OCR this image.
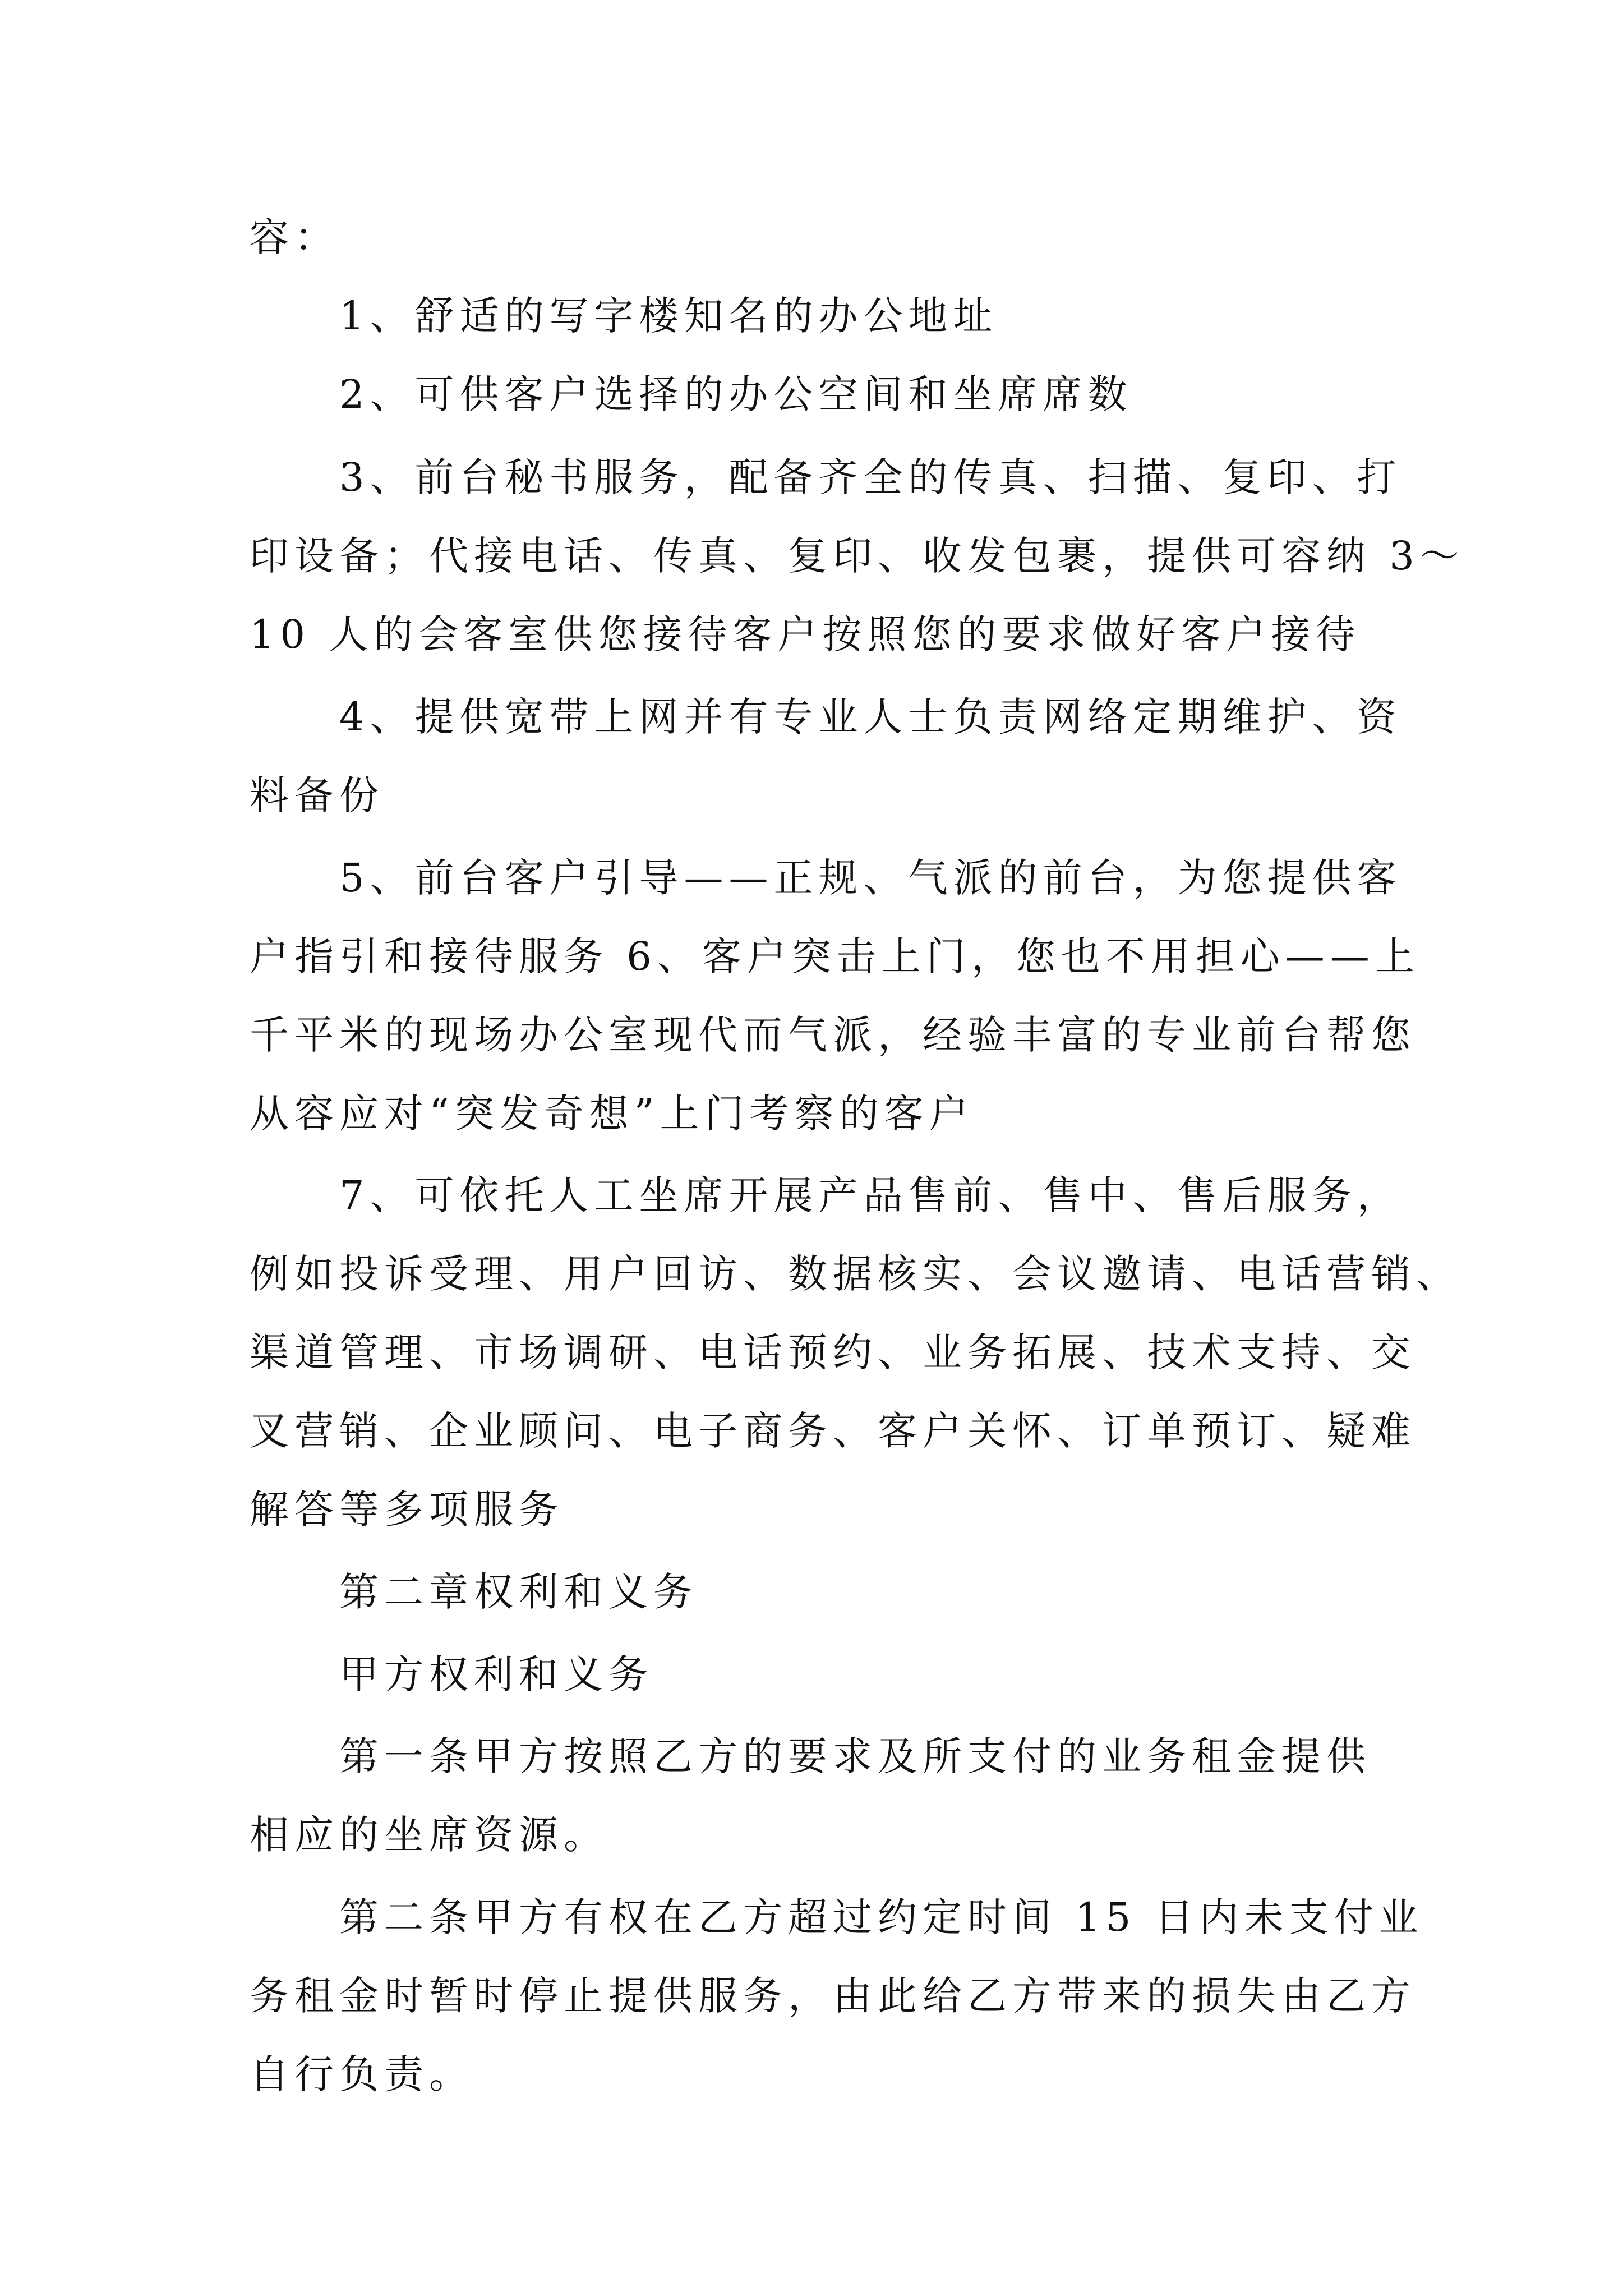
容：

1、舒适的写字楼知名的办公地址

2、可供客户选择的办公空间和坐席席数

3、前台秘书服务，配备齐全的传真、扫描、复印、打

印设备；代接电话、传真、复印、收发包裹，提供可容纳 3～

10 人的会客室供您接待客户按照您的要求做好客户接待

4、提供宽带上网并有专业人士负责网络定期维护、资

料备份

5、前台客户引导——正规、气派的前台，为您提供客

户指引和接待服务 6、客户突击上门，您也不用担心——上

千平米的现场办公室现代而气派，经验丰富的专业前台帮您

从容应对“突发奇想”上门考察的客户

7、可依托人工坐席开展产品售前、售中、售后服务，

例如投诉受理、用户回访、数据核实、会议邀请、电话营销、

渠道管理、市场调研、电话预约、业务拓展、技术支持、交

叉营销、企业顾问、电子商务、客户关怀、订单预订、疑难

解答等多项服务

第二章权利和义务

甲方权利和义务

第一条甲方按照乙方的要求及所支付的业务租金提供

相应的坐席资源。

第二条甲方有权在乙方超过约定时间 15 日内未支付业

务租金时暂时停止提供服务，由此给乙方带来的损失由乙方

自行负责。
